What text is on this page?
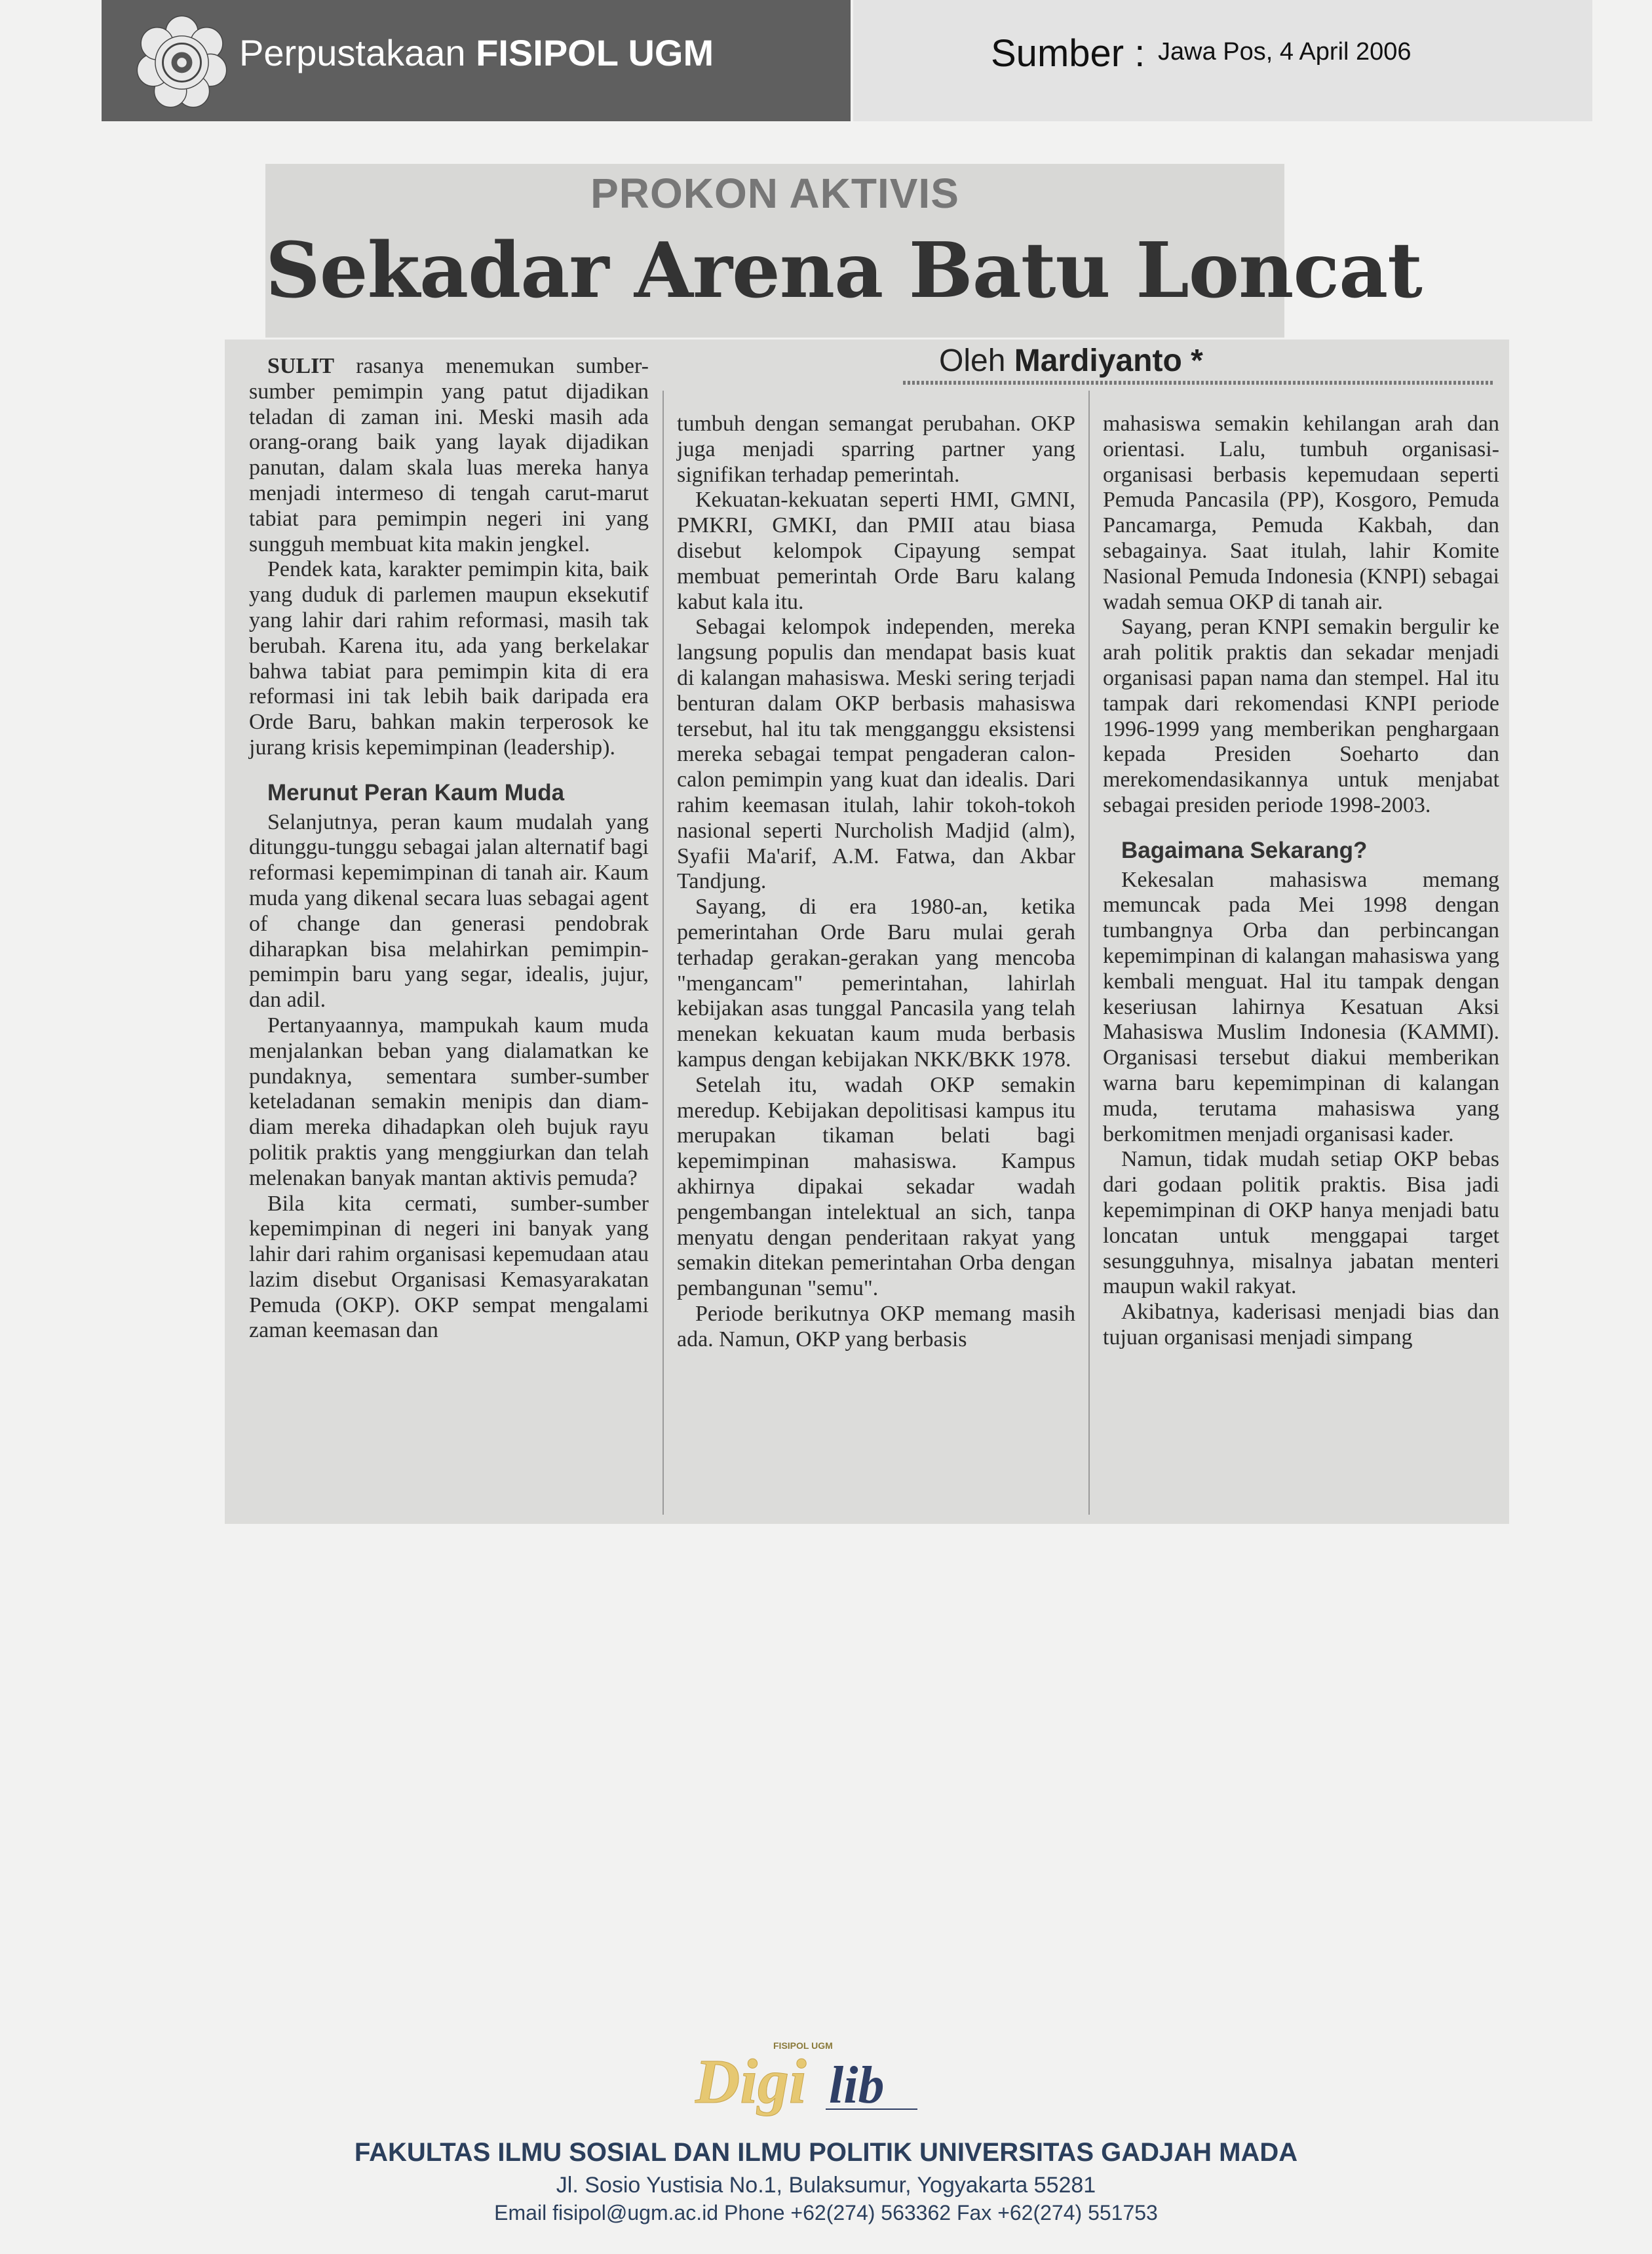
Perpustakaan FISIPOL UGM	Sumber : Jawa Pos, 4 April 2006
PROKON AKTIVIS
Sekadar Arena Batu Loncat
Oleh Mardiyanto *

SULIT rasanya menemukan sumber-sumber pemimpin yang patut dijadikan teladan di zaman ini. Meski masih ada orang-orang baik yang layak dijadikan panutan, dalam skala luas mereka hanya menjadi intermeso di tengah carut-marut tabiat para pemimpin negeri ini yang sungguh membuat kita makin jengkel.

Pendek kata, karakter pemimpin kita, baik yang duduk di parlemen maupun eksekutif yang lahir dari rahim reformasi, masih tak berubah. Karena itu, ada yang berkelakar bahwa tabiat para pemimpin kita di era reformasi ini tak lebih baik daripada era Orde Baru, bahkan makin terperosok ke jurang krisis kepemimpinan (leadership).

Merunut Peran Kaum Muda

Selanjutnya, peran kaum mudalah yang ditunggu-tunggu sebagai jalan alternatif bagi reformasi kepemimpinan di tanah air. Kaum muda yang dikenal secara luas sebagai agent of change dan generasi pendobrak diharapkan bisa melahirkan pemimpin-pemimpin baru yang segar, idealis, jujur, dan adil.

Pertanyaannya, mampukah kaum muda menjalankan beban yang dialamatkan ke pundaknya, sementara sumber-sumber keteladanan semakin menipis dan diam-diam mereka dihadapkan oleh bujuk rayu politik praktis yang menggiurkan dan telah melenakan banyak mantan aktivis pemuda?

Bila kita cermati, sumber-sumber kepemimpinan di negeri ini banyak yang lahir dari rahim organisasi kepemudaan atau lazim disebut Organisasi Kemasyarakatan Pemuda (OKP). OKP sempat mengalami zaman keemasan dan

tumbuh dengan semangat perubahan. OKP juga menjadi sparring partner yang signifikan terhadap pemerintah.

Kekuatan-kekuatan seperti HMI, GMNI, PMKRI, GMKI, dan PMII atau biasa disebut kelompok Cipayung sempat membuat pemerintah Orde Baru kalang kabut kala itu.

Sebagai kelompok independen, mereka langsung populis dan mendapat basis kuat di kalangan mahasiswa. Meski sering terjadi benturan dalam OKP berbasis mahasiswa tersebut, hal itu tak mengganggu eksistensi mereka sebagai tempat pengaderan calon-calon pemimpin yang kuat dan idealis. Dari rahim keemasan itulah, lahir tokoh-tokoh nasional seperti Nurcholish Madjid (alm), Syafii Ma'arif, A.M. Fatwa, dan Akbar Tandjung.

Sayang, di era 1980-an, ketika pemerintahan Orde Baru mulai gerah terhadap gerakan-gerakan yang mencoba "mengancam" pemerintahan, lahirlah kebijakan asas tunggal Pancasila yang telah menekan kekuatan kaum muda berbasis kampus dengan kebijakan NKK/BKK 1978.

Setelah itu, wadah OKP semakin meredup. Kebijakan depolitisasi kampus itu merupakan tikaman belati bagi kepemimpinan mahasiswa. Kampus akhirnya dipakai sekadar wadah pengembangan intelektual an sich, tanpa menyatu dengan penderitaan rakyat yang semakin ditekan pemerintahan Orba dengan pembangunan "semu".

Periode berikutnya OKP memang masih ada. Namun, OKP yang berbasis

mahasiswa semakin kehilangan arah dan orientasi. Lalu, tumbuh organisasi-organisasi berbasis kepemudaan seperti Pemuda Pancasila (PP), Kosgoro, Pemuda Pancamarga, Pemuda Kakbah, dan sebagainya. Saat itulah, lahir Komite Nasional Pemuda Indonesia (KNPI) sebagai wadah semua OKP di tanah air.

Sayang, peran KNPI semakin bergulir ke arah politik praktis dan sekadar menjadi organisasi papan nama dan stempel. Hal itu tampak dari rekomendasi KNPI periode 1996-1999 yang memberikan penghargaan kepada Presiden Soeharto dan merekomendasikannya untuk menjabat sebagai presiden periode 1998-2003.

Bagaimana Sekarang?

Kekesalan mahasiswa memang memuncak pada Mei 1998 dengan tumbangnya Orba dan perbincangan kepemimpinan di kalangan mahasiswa yang kembali menguat. Hal itu tampak dengan keseriusan lahirnya Kesatuan Aksi Mahasiswa Muslim Indonesia (KAMMI). Organisasi tersebut diakui memberikan warna baru kepemimpinan di kalangan muda, terutama mahasiswa yang berkomitmen menjadi organisasi kader.

Namun, tidak mudah setiap OKP bebas dari godaan politik praktis. Bisa jadi kepemimpinan di OKP hanya menjadi batu loncatan untuk menggapai target sesungguhnya, misalnya jabatan menteri maupun wakil rakyat.

Akibatnya, kaderisasi menjadi bias dan tujuan organisasi menjadi simpang

FISIPOL UGM
Digi lib
FAKULTAS ILMU SOSIAL DAN ILMU POLITIK UNIVERSITAS GADJAH MADA
Jl. Sosio Yustisia No.1, Bulaksumur, Yogyakarta 55281
Email fisipol@ugm.ac.id Phone +62(274) 563362 Fax +62(274) 551753
